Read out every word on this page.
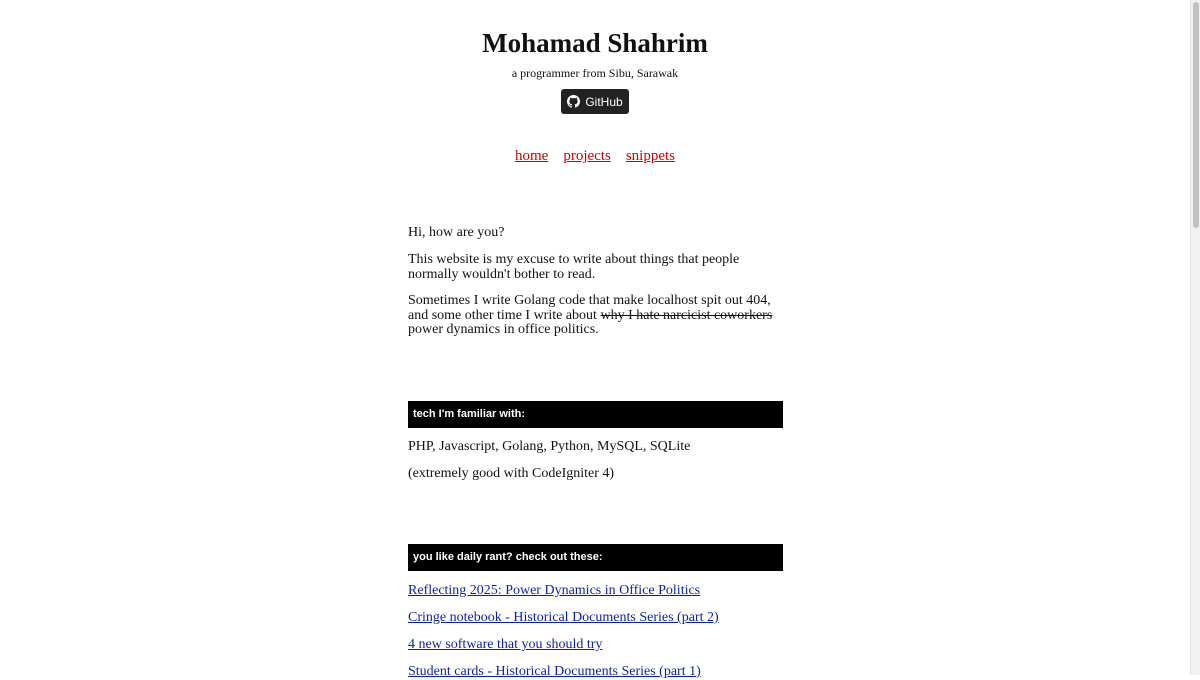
Mohamad Shahrim
a programmer from Sibu, Sarawak
GitHub
home projects snippets

Hi, how are you?

This website is my excuse to write about things that people normally wouldn't bother to read.

Sometimes I write Golang code that make localhost spit out 404, and some other time I write about why I hate narcicist coworkers power dynamics in office politics.

tech I'm familiar with:

PHP, Javascript, Golang, Python, MySQL, SQLite

(extremely good with CodeIgniter 4)

you like daily rant? check out these:
Reflecting 2025: Power Dynamics in Office Politics
Cringe notebook - Historical Documents Series (part 2)
4 new software that you should try
Student cards - Historical Documents Series (part 1)
